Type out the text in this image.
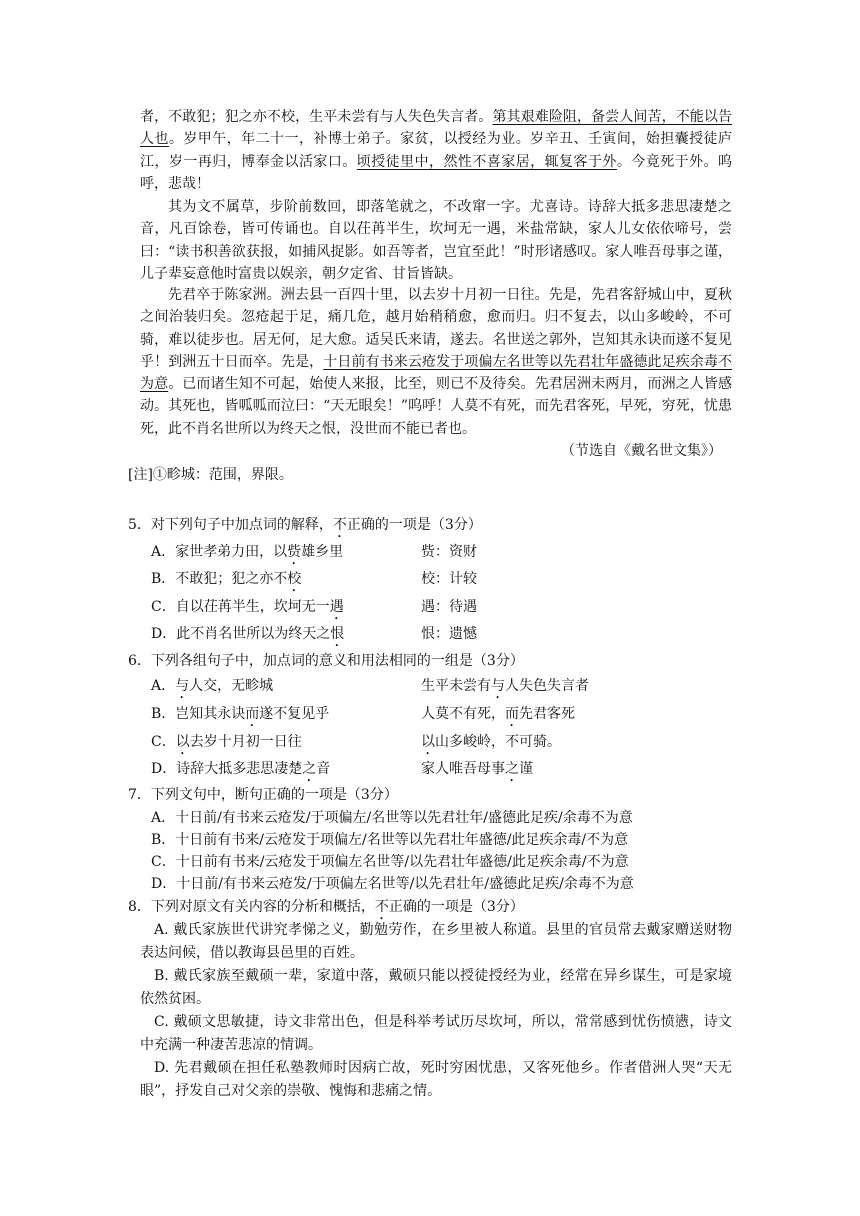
者，不敢犯；犯之亦不校，生平未尝有与人失色失言者。第其艰难险阻，备尝人间苦，不能以告人也。岁甲午，年二十一，补博士弟子。家贫，以授经为业。岁辛丑、壬寅间，始担囊授徒庐江，岁一再归，博奉金以活家口。顷授徒里中，然性不喜家居，辄复客于外。今竟死于外。呜呼，悲哉！

其为文不属草，步阶前数回，即落笔就之，不改窜一字。尤喜诗。诗辞大抵多悲思凄楚之音，凡百馀卷，皆可传诵也。自以茌苒半生，坎坷无一遇，米盐常缺，家人儿女依依啼号，尝曰：“读书积善欲获报，如捕风捉影。如吾等者，岂宜至此！”时形诸感叹。家人唯吾母事之谨，儿子辈妄意他时富贵以娱亲，朝夕定省、甘旨皆缺。

先君卒于陈家洲。洲去县一百四十里，以去岁十月初一日往。先是，先君客舒城山中，夏秋之间治装归矣。忽疮起于足，痛几危，越月始稍稍愈，愈而归。归不复去，以山多峻岭，不可骑，难以徒步也。居无何，足大愈。适吴氏来请，遂去。名世送之郭外，岂知其永诀而遂不复见乎！到洲五十日而卒。先是，十日前有书来云疮发于项偏左名世等以先君壮年盛德此足疾余毒不为意。已而诸生知不可起，始使人来报，比至，则已不及待矣。先君居洲未两月，而洲之人皆感动。其死也，皆呱呱而泣曰：“天无眼矣！”呜呼！人莫不有死，而先君客死，早死，穷死，忧患死，此不肖名世所以为终天之恨，没世而不能已者也。

（节选自《戴名世文集》）
[注]①畛城：范围，界限。
5．对下列句子中加点词的解释，不正确的一项是（3分）
A．家世孝弟力田，以赀雄乡里	赀：资财
B．不敢犯；犯之亦不校	校：计较
C．自以茌苒半生，坎坷无一遇	遇：待遇
D．此不肖名世所以为终天之恨	恨：遗憾
6．下列各组句子中，加点词的意义和用法相同的一组是（3分）
A．与人交，无畛城	生平未尝有与人失色失言者
B．岂知其永诀而遂不复见乎	人莫不有死，而先君客死
C．以去岁十月初一日往	以山多峻岭，不可骑。
D．诗辞大抵多悲思凄楚之音	家人唯吾母事之谨
7．下列文句中，断句正确的一项是（3分）
A．十日前/有书来云疮发/于项偏左/名世等以先君壮年/盛德此足疾/余毒不为意
B．十日前有书来/云疮发于项偏左/名世等以先君壮年盛德/此足疾余毒/不为意
C．十日前有书来/云疮发于项偏左名世等/以先君壮年盛德/此足疾余毒/不为意
D．十日前/有书来云疮发/于项偏左名世等/以先君壮年/盛德此足疾/余毒不为意
8．下列对原文有关内容的分析和概括，不正确的一项是（3分）

A. 戴氏家族世代讲究孝悌之义，勤勉劳作，在乡里被人称道。县里的官员常去戴家赠送财物表达问候，借以教诲县邑里的百姓。

B. 戴氏家族至戴硕一辈，家道中落，戴硕只能以授徒授经为业，经常在异乡谋生，可是家境依然贫困。

C. 戴硕文思敏捷，诗文非常出色，但是科举考试历尽坎坷，所以，常常感到忧伤愤懑，诗文中充满一种凄苦悲凉的情调。

D. 先君戴硕在担任私塾教师时因病亡故，死时穷困忧患，又客死他乡。作者借洲人哭“天无眼”，抒发自己对父亲的崇敬、愧悔和悲痛之情。
